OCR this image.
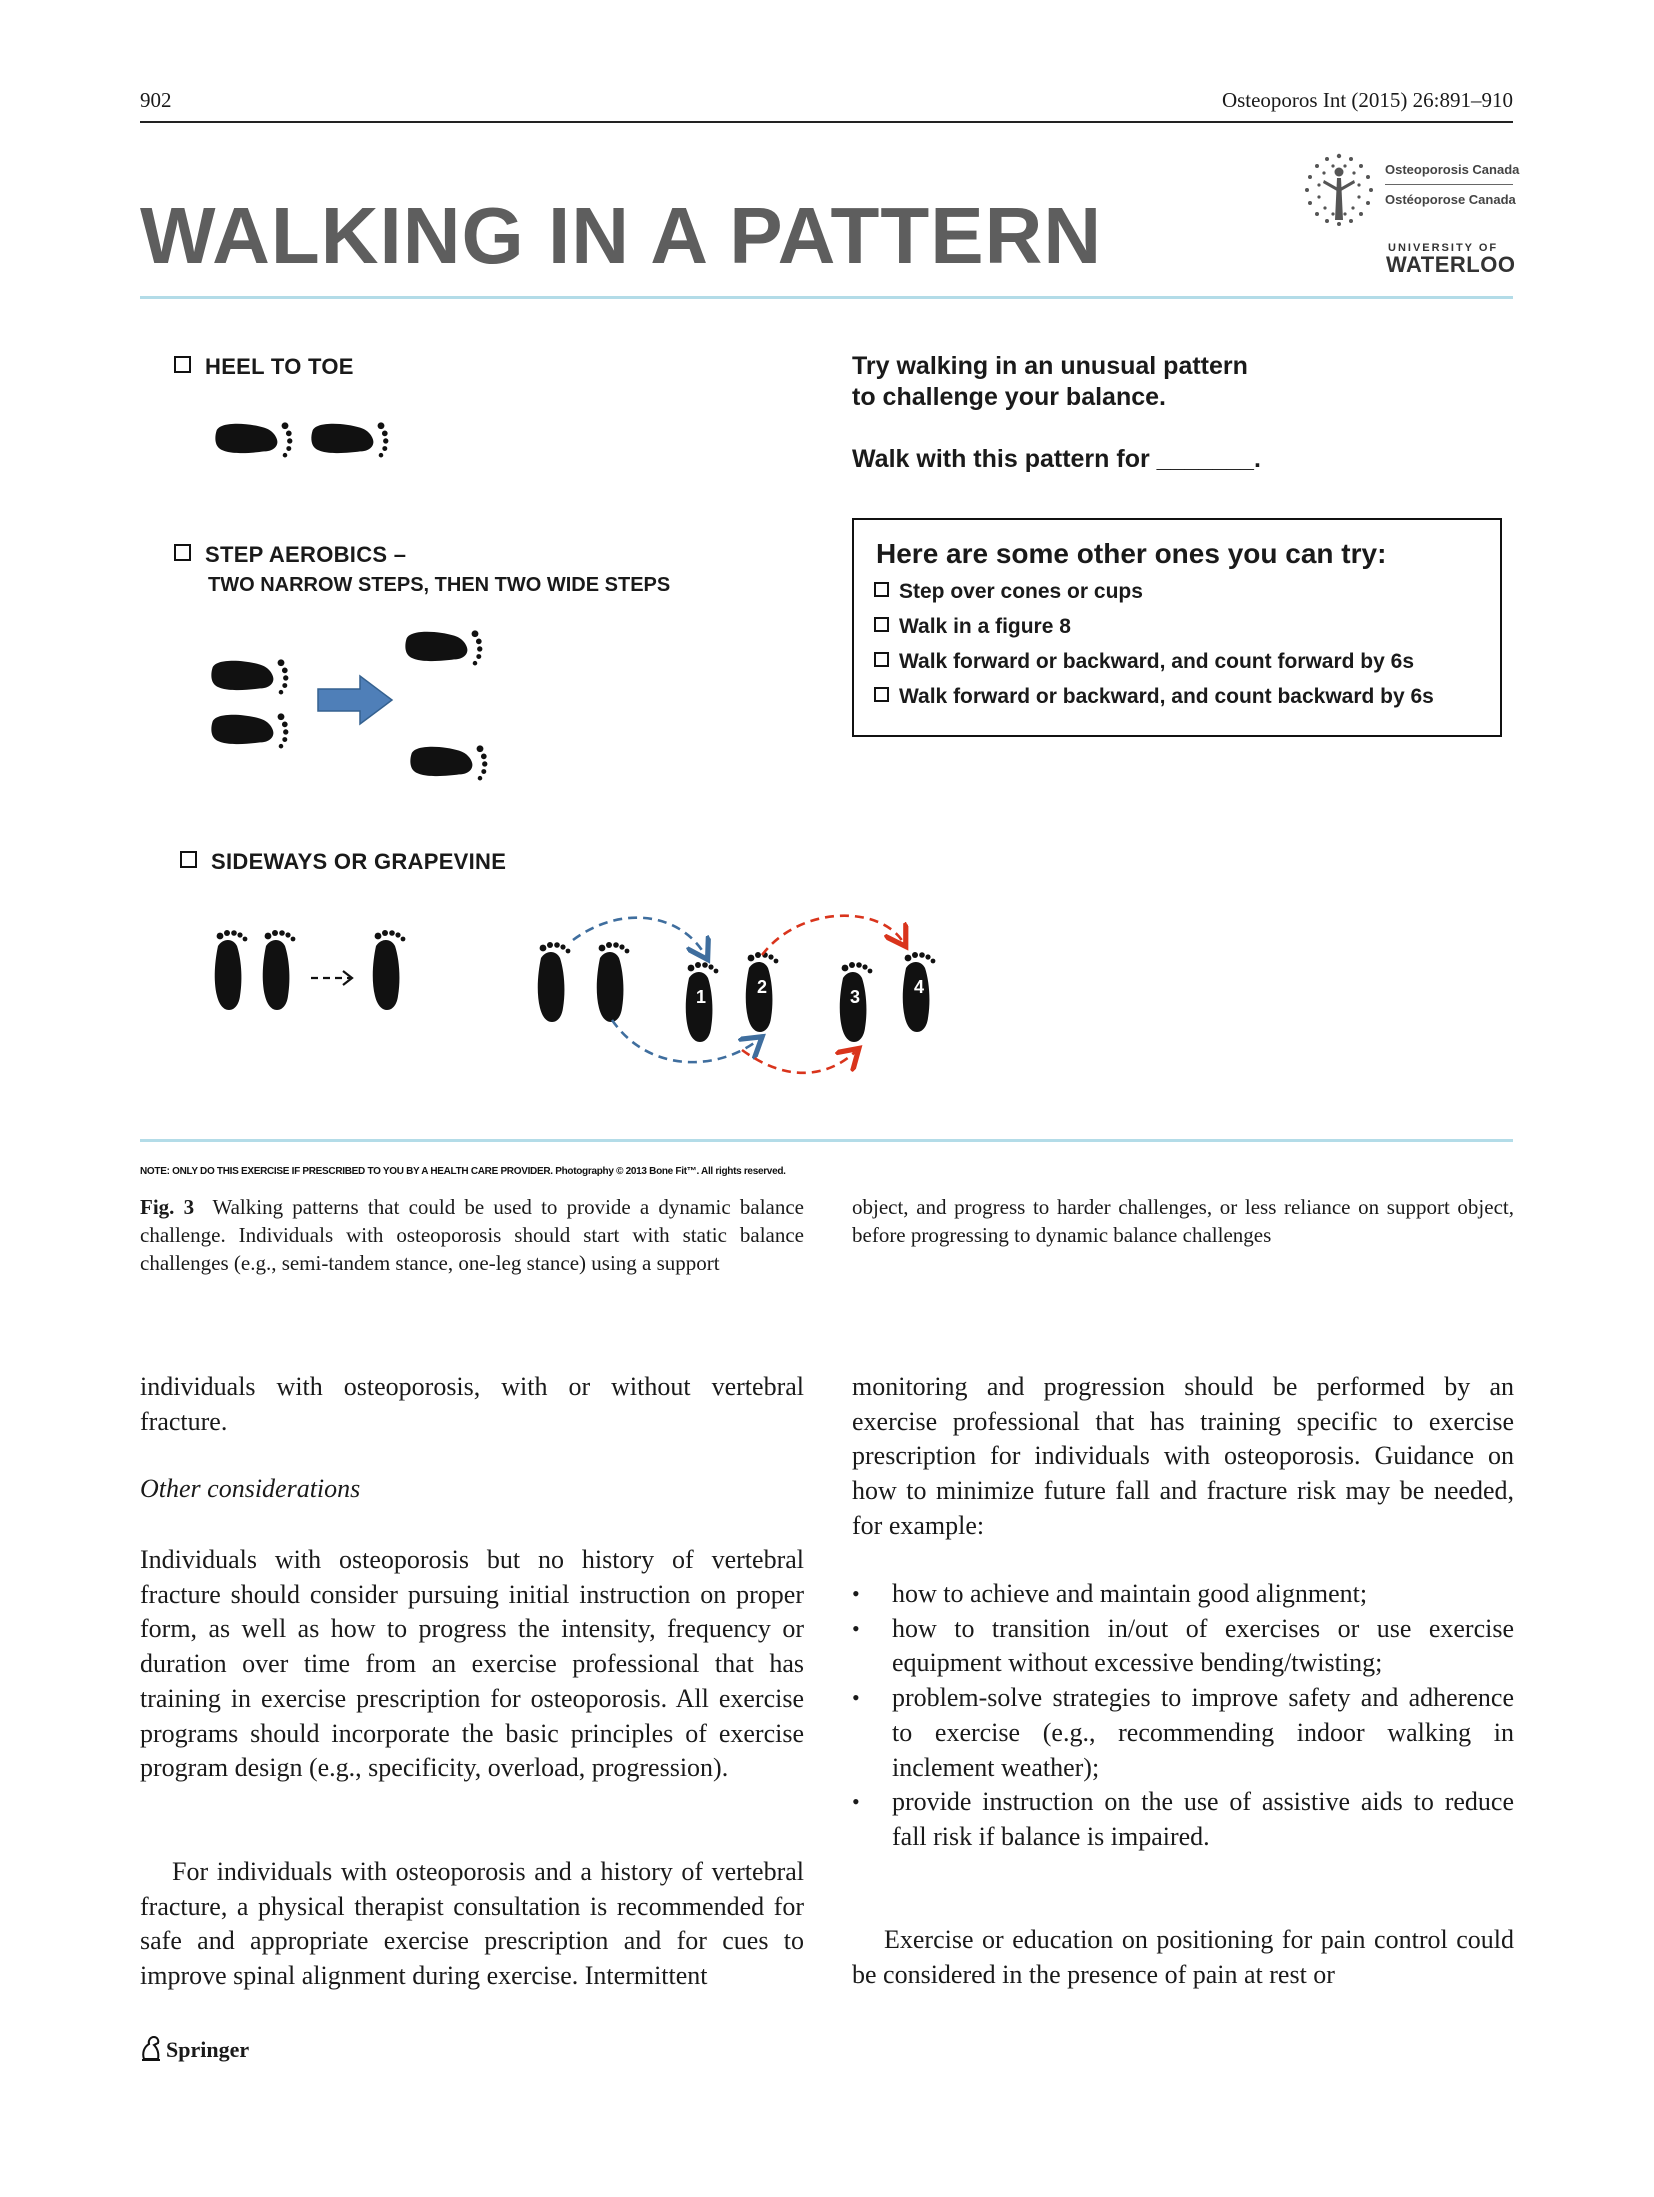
902	Osteoporos Int (2015) 26:891–910
WALKING IN A PATTERN
Osteoporosis Canada
Ostéoporose Canada
UNIVERSITY OF
WATERLOO
HEEL TO TOE
STEP AEROBICS –
TWO NARROW STEPS, THEN TWO WIDE STEPS
SIDEWAYS OR GRAPEVINE
Try walking in an unusual pattern
to challenge your balance.
Walk with this pattern for _______.
Here are some other ones you can try:
Step over cones or cups
Walk in a figure 8
Walk forward or backward, and count forward by 6s
Walk forward or backward, and count backward by 6s
1	2	3	4
NOTE: ONLY DO THIS EXERCISE IF PRESCRIBED TO YOU BY A HEALTH CARE PROVIDER. Photography © 2013 Bone Fit™. All rights reserved.
Fig. 3 Walking patterns that could be used to provide a dynamic balance challenge. Individuals with osteoporosis should start with static balance challenges (e.g., semi-tandem stance, one-leg stance) using a support
object, and progress to harder challenges, or less reliance on support object, before progressing to dynamic balance challenges
individuals with osteoporosis, with or without vertebral fracture.
Other considerations
Individuals with osteoporosis but no history of vertebral fracture should consider pursuing initial instruction on proper form, as well as how to progress the intensity, frequency or duration over time from an exercise professional that has training in exercise prescription for osteoporosis. All exercise programs should incorporate the basic principles of exercise program design (e.g., specificity, overload, progression).
For individuals with osteoporosis and a history of vertebral fracture, a physical therapist consultation is recommended for safe and appropriate exercise prescription and for cues to improve spinal alignment during exercise. Intermittent
monitoring and progression should be performed by an exercise professional that has training specific to exercise prescription for individuals with osteoporosis. Guidance on how to minimize future fall and fracture risk may be needed, for example:
• how to achieve and maintain good alignment;
• how to transition in/out of exercises or use exercise equipment without excessive bending/twisting;
• problem-solve strategies to improve safety and adherence to exercise (e.g., recommending indoor walking in inclement weather);
• provide instruction on the use of assistive aids to reduce fall risk if balance is impaired.
Exercise or education on positioning for pain control could be considered in the presence of pain at rest or
Springer
